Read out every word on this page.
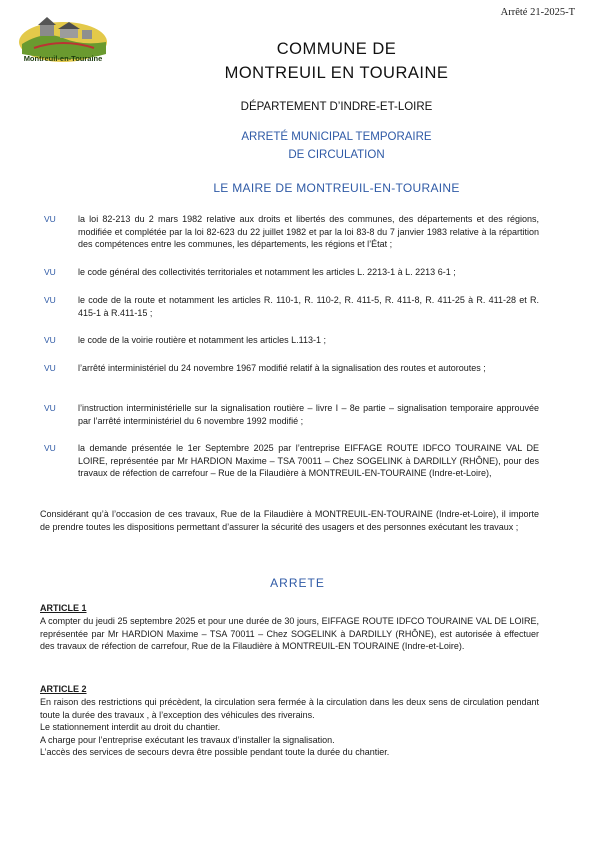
Arrêté 21-2025-T
Montreuil-en-Touraine
COMMUNE DE
MONTREUIL EN TOURAINE
DÉPARTEMENT D’INDRE-ET-LOIRE
ARRETÉ MUNICIPAL TEMPORAIRE
DE CIRCULATION
LE MAIRE DE MONTREUIL-EN-TOURAINE
VU la loi 82-213 du 2 mars 1982 relative aux droits et libertés des communes, des départements et des régions, modifiée et complétée par la loi 82-623 du 22 juillet 1982 et par la loi 83-8 du 7 janvier 1983 relative à la répartition des compétences entre les communes, les départements, les régions et l’État ;
VU le code général des collectivités territoriales et notamment les articles L. 2213-1 à L. 2213 6-1 ;
VU le code de la route et notamment les articles R. 110-1, R. 110-2, R. 411-5, R. 411-8, R. 411-25 à R. 411-28 et R. 415-1 à R.411-15 ;
VU le code de la voirie routière et notamment les articles L.113-1 ;
VU l’arrêté interministériel du 24 novembre 1967 modifié relatif à la signalisation des routes et autoroutes ;
VU l’instruction interministérielle sur la signalisation routière – livre I – 8e partie – signalisation temporaire approuvée par l’arrêté interministériel du 6 novembre 1992 modifié ;
VU la demande présentée le 1er Septembre 2025 par l’entreprise EIFFAGE ROUTE IDFCO TOURAINE VAL DE LOIRE, représentée par Mr HARDION Maxime – TSA 70011 – Chez SOGELINK à DARDILLY (RHÔNE), pour des travaux de réfection de carrefour – Rue de la Filaudière à MONTREUIL-EN-TOURAINE (Indre-et-Loire),
Considérant qu’à l’occasion de ces travaux, Rue de la Filaudière à MONTREUIL-EN-TOURAINE (Indre-et-Loire), il importe de prendre toutes les dispositions permettant d’assurer la sécurité des usagers et des personnes exécutant les travaux ;
ARRETE
ARTICLE 1
A compter du jeudi 25 septembre 2025 et pour une durée de 30 jours, EIFFAGE ROUTE IDFCO TOURAINE VAL DE LOIRE, représentée par Mr HARDION Maxime – TSA 70011 – Chez SOGELINK à DARDILLY (RHÔNE), est autorisée à effectuer des travaux de réfection de carrefour, Rue de la Filaudière à MONTREUIL-EN TOURAINE (Indre-et-Loire).
ARTICLE 2
En raison des restrictions qui précèdent, la circulation sera fermée à la circulation dans les deux sens de circulation pendant toute la durée des travaux , à l’exception des véhicules des riverains.
Le stationnement interdit au droit du chantier.
A charge pour l’entreprise exécutant les travaux d’installer la signalisation.
L’accès des services de secours devra être possible pendant toute la durée du chantier.
